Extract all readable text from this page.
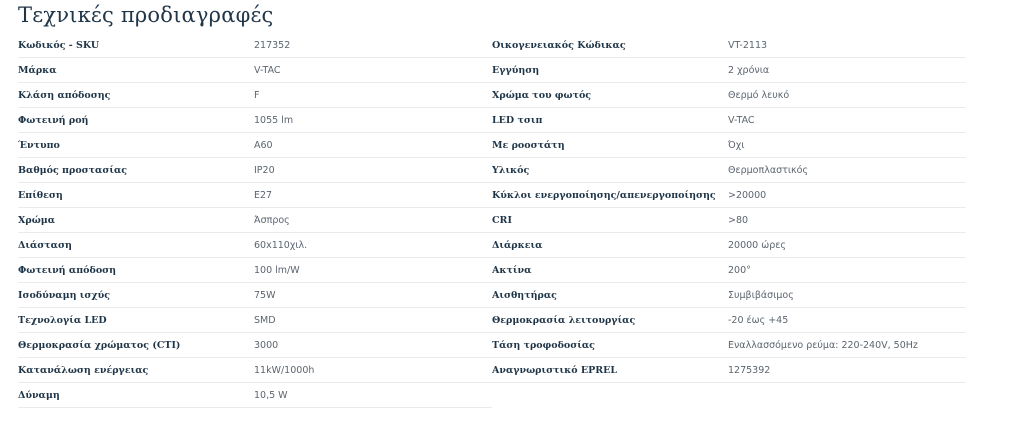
Τεχνικές προδιαγραφές
Κωδικός - SKU	217352	Οικογενειακός Κώδικας	VT-2113
Μάρκα	V-TAC	Εγγύηση	2 χρόνια
Κλάση απόδοσης	F	Χρώμα του φωτός	Θερμό λευκό
Φωτεινή ροή	1055 lm	LED τσιπ	V-TAC
Έντυπο	A60	Με ροοστάτη	Όχι
Βαθμός προστασίας	IP20	Υλικός	Θερμοπλαστικός
Επίθεση	E27	Κύκλοι ενεργοποίησης/απενεργοποίησης	>20000
Χρώμα	Άσπρος	CRI	>80
Διάσταση	60x110χιλ.	Διάρκεια	20000 ώρες
Φωτεινή απόδοση	100 lm/W	Ακτίνα	200°
Ισοδύναμη ισχύς	75W	Αισθητήρας	Συμβιβάσιμος
Τεχνολογία LED	SMD	Θερμοκρασία λειτουργίας	-20 έως +45
Θερμοκρασία χρώματος (CTI)	3000	Τάση τροφοδοσίας	Εναλλασσόμενο ρεύμα: 220-240V, 50Hz
Κατανάλωση ενέργειας	11kW/1000h	Αναγνωριστικό EPREL	1275392
Δύναμη	10,5 W
